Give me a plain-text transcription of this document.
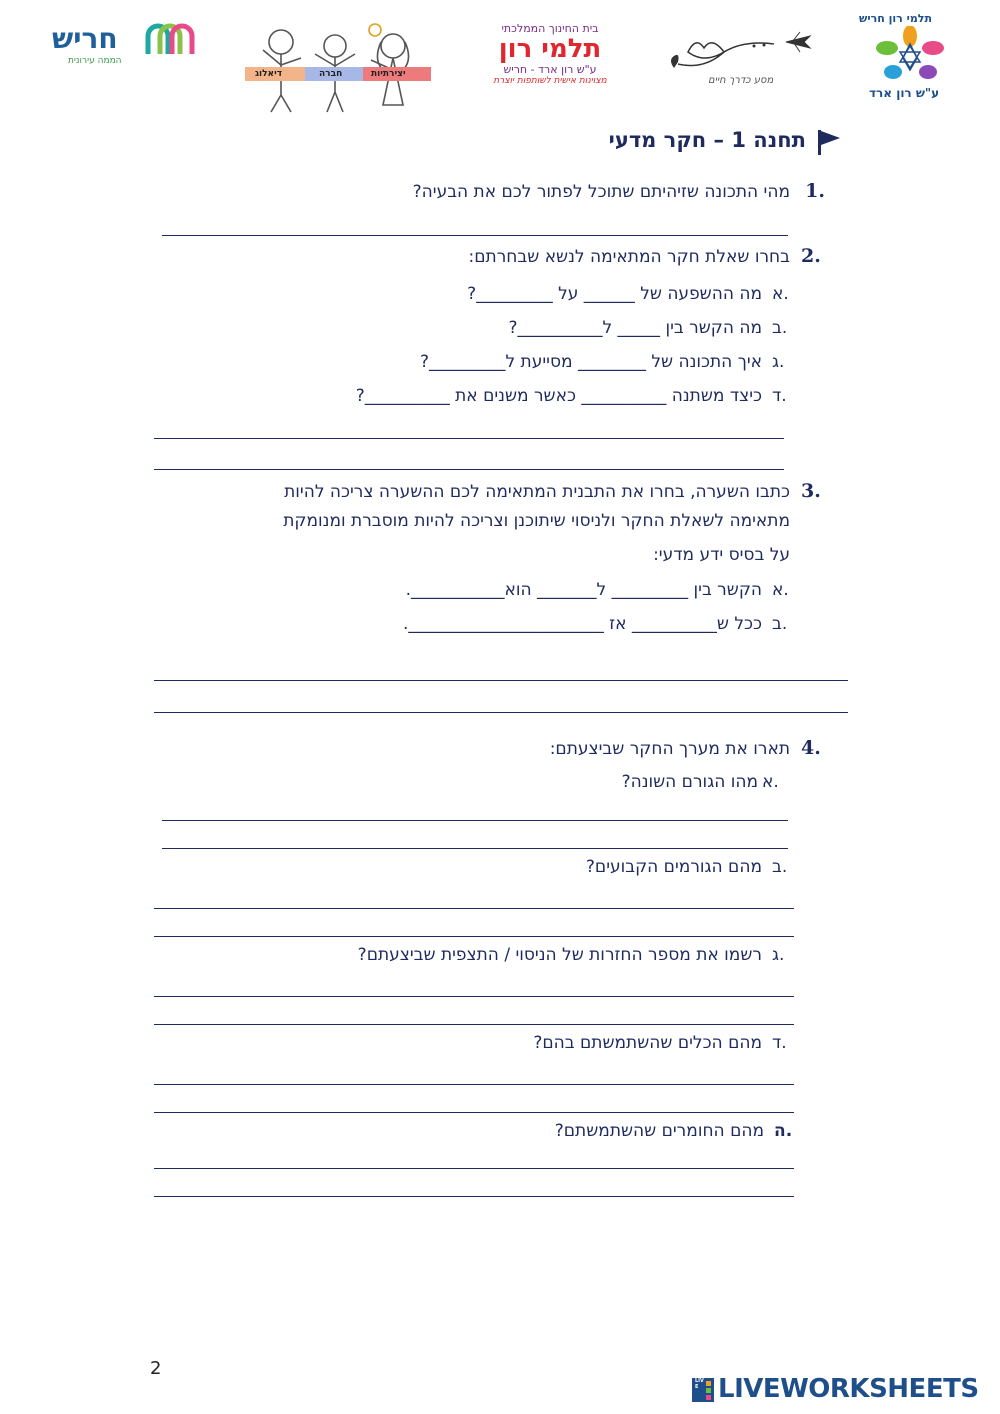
חריש
הממה עירונית
דיאלוג	חברה	יצירתיות
בית החינוך הממלכתי
תלמי רון
ע"ש רון ארד - חריש
מצוינות אישית לשותפות יוצרת	מסע כדרך חיים
תלמי רון חריש
ע"ש רון ארד
תחנה 1 – חקר מדעי
1.
מהי התכונה שזיהיתם שתוכל לפתור לכם את הבעיה?
2.
בחרו שאלת חקר המתאימה לנשא שבחרתם:
א.
מה ההשפעה של ______ על _________?
ב.
מה הקשר בין _____ ל__________?
ג.
איך התכונה של ________ מסייעת ל_________?
ד.
כיצד משתנה __________ כאשר משנים את __________?
3.
כתבו השערה, בחרו את התבנית המתאימה לכם ההשערה צריכה להיות
מתאימה לשאלת החקר ולניסוי שיתוכנן וצריכה להיות מוסברת ומנומקת
על בסיס ידע מדעי:
א.
הקשר בין _________ ל_______ הוא___________.
ב.
ככל ש__________ אז _______________________.
4.
תארו את מערך החקר שביצעתם:
א.
מהו הגורם השונה?
ב.
מהם הגורמים הקבועים?
ג.
רשמו את מספר החזרות של הניסוי / התצפית שביצעתם?
ד.
מהם הכלים שהשתמשתם בהם?
ה.
מהם החומרים שהשתמשתם?
2
LIVE LIVEWORKSHEETS
